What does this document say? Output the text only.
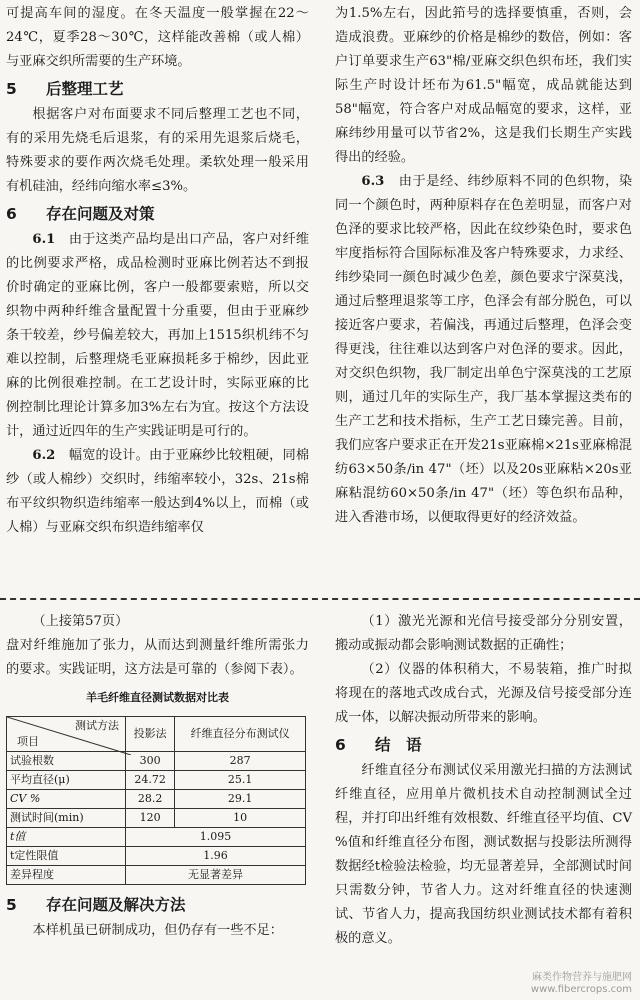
可提高车间的湿度。在冬天温度一般掌握在22～24℃，夏季28～30℃，这样能改善棉（或人棉）与亚麻交织所需要的生产环境。

5 后整理工艺

根据客户对布面要求不同后整理工艺也不同，有的采用先烧毛后退浆，有的采用先退浆后烧毛，特殊要求的要作两次烧毛处理。柔软处理一般采用有机硅油，经纬向缩水率≤3%。

6 存在问题及对策

6.1　 由于这类产品均是出口产品，客户对纤维的比例要求严格，成品检测时亚麻比例若达不到报价时确定的亚麻比例，客户一般都要索赔，所以交织物中两种纤维含量配置十分重要，但由于亚麻纱条干较差，纱号偏差较大，再加上1515织机纬不匀难以控制，后整理烧毛亚麻损耗多于棉纱，因此亚麻的比例很难控制。在工艺设计时，实际亚麻的比例控制比理论计算多加3%左右为宜。按这个方法设计，通过近四年的生产实践证明是可行的。

6.2　 幅宽的设计。由于亚麻纱比较粗硬，同棉纱（或人棉纱）交织时，纬缩率较小，32s、21s棉布平纹织物织造纬缩率一般达到4%以上，而棉（或人棉）与亚麻交织布织造纬缩率仅

为1.5%左右，因此筘号的选择要慎重，否则，会造成浪费。亚麻纱的价格是棉纱的数倍，例如：客户订单要求生产63"棉/亚麻交织色织布坯，我们实际生产时设计坯布为61.5"幅宽，成品就能达到58"幅宽，符合客户对成品幅宽的要求，这样，亚麻纬纱用量可以节省2%，这是我们长期生产实践得出的经验。

6.3　 由于是经、纬纱原料不同的色织物，染同一个颜色时，两种原料存在色差明显，而客户对色泽的要求比较严格，因此在纹纱染色时，要求色牢度指标符合国际标准及客户特殊要求，力求经、纬纱染同一颜色时减少色差，颜色要求宁深莫浅，通过后整理退浆等工序，色泽会有部分脱色，可以接近客户要求，若偏浅，再通过后整理，色泽会变得更浅，往往难以达到客户对色泽的要求。因此，对交织色织物，我厂制定出单色宁深莫浅的工艺原则，通过几年的实际生产，我厂基本掌握这类布的生产工艺和技术指标，生产工艺日臻完善。目前，我们应客户要求正在开发21s亚麻棉×21s亚麻棉混纺63×50条/in 47"（坯）以及20s亚麻粘×20s亚麻粘混纺60×50条/in 47"（坯）等色织布品种，进入香港市场，以便取得更好的经济效益。

（上接第57页）

盘对纤维施加了张力，从而达到测量纤维所需张力的要求。实践证明，这方法是可靠的（参阅下表）。

羊毛纤维直径测试数据对比表
测试方法
项目	投影法	纤维直径分布测试仪
试验根数	300	287
平均直径(μ)	24.72	25.1
CV %	28.2	29.1
测试时间(min)	120	10
t值	1.095	
t定性限值	1.96	
差异程度	无显著差异	
5 存在问题及解决方法

本样机虽已研制成功，但仍存有一些不足：

（1）激光光源和光信号接受部分分别安置，搬动或振动都会影响测试数据的正确性；

（2）仪器的体积稍大，不易装箱，推广时拟将现在的落地式改成台式，光源及信号接受部分连成一体，以解决振动所带来的影响。

6 结　语

纤维直径分布测试仪采用激光扫描的方法测试纤维直径，应用单片微机技术自动控制测试全过程，并打印出纤维有效根数、纤维直径平均值、CV %值和纤维直径分布图，测试数据与投影法所测得数据经t检验法检验，均无显著差异，全部测试时间只需数分钟，节省人力。这对纤维直径的快速测试、节省人力，提高我国纺织业测试技术都有着积极的意义。

麻类作物营养与施肥网
www.fibercrops.com
